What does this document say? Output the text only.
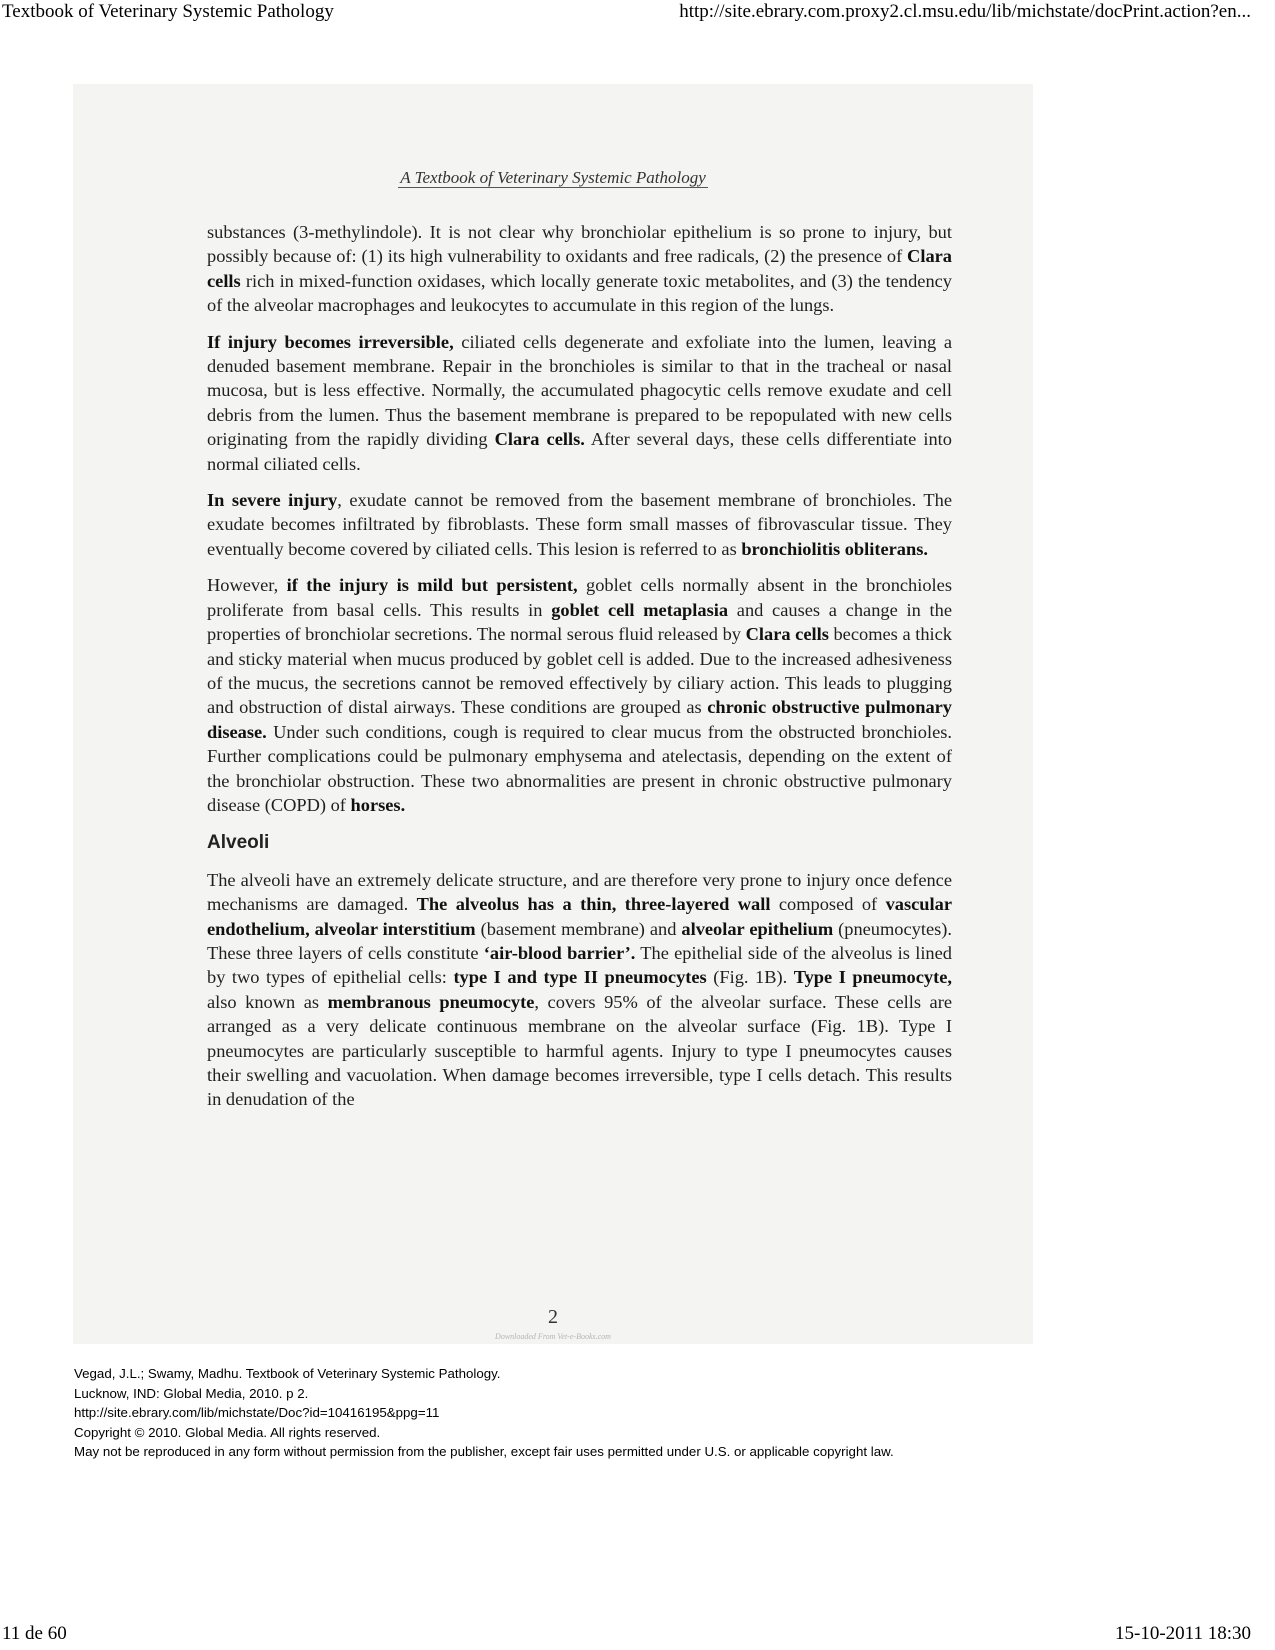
Textbook of Veterinary Systemic Pathology	http://site.ebrary.com.proxy2.cl.msu.edu/lib/michstate/docPrint.action?en...
A Textbook of Veterinary Systemic Pathology

substances (3-methylindole). It is not clear why bronchiolar epithelium is so prone to injury, but possibly because of: (1) its high vulnerability to oxidants and free radicals, (2) the presence of Clara cells rich in mixed-function oxidases, which locally generate toxic metabolites, and (3) the tendency of the alveolar macrophages and leukocytes to accumulate in this region of the lungs.

If injury becomes irreversible, ciliated cells degenerate and exfoliate into the lumen, leaving a denuded basement membrane. Repair in the bronchioles is similar to that in the tracheal or nasal mucosa, but is less effective. Normally, the accumulated phagocytic cells remove exudate and cell debris from the lumen. Thus the basement membrane is prepared to be repopulated with new cells originating from the rapidly dividing Clara cells. After several days, these cells differentiate into normal ciliated cells.

In severe injury, exudate cannot be removed from the basement membrane of bronchioles. The exudate becomes infiltrated by fibroblasts. These form small masses of fibrovascular tissue. They eventually become covered by ciliated cells. This lesion is referred to as bronchiolitis obliterans.

However, if the injury is mild but persistent, goblet cells normally absent in the bronchioles proliferate from basal cells. This results in goblet cell metaplasia and causes a change in the properties of bronchiolar secretions. The normal serous fluid released by Clara cells becomes a thick and sticky material when mucus produced by goblet cell is added. Due to the increased adhesiveness of the mucus, the secretions cannot be removed effectively by ciliary action. This leads to plugging and obstruction of distal airways. These conditions are grouped as chronic obstructive pulmonary disease. Under such conditions, cough is required to clear mucus from the obstructed bronchioles. Further complications could be pulmonary emphysema and atelectasis, depending on the extent of the bronchiolar obstruction. These two abnormalities are present in chronic obstructive pulmonary disease (COPD) of horses.

Alveoli

The alveoli have an extremely delicate structure, and are therefore very prone to injury once defence mechanisms are damaged. The alveolus has a thin, three-layered wall composed of vascular endothelium, alveolar interstitium (basement membrane) and alveolar epithelium (pneumocytes). These three layers of cells constitute ‘air-blood barrier’. The epithelial side of the alveolus is lined by two types of epithelial cells: type I and type II pneumocytes (Fig. 1B). Type I pneumocyte, also known as membranous pneumocyte, covers 95% of the alveolar surface. These cells are arranged as a very delicate continuous membrane on the alveolar surface (Fig. 1B). Type I pneumocytes are particularly susceptible to harmful agents. Injury to type I pneumocytes causes their swelling and vacuolation. When damage becomes irreversible, type I cells detach. This results in denudation of the

2
Downloaded From Vet-e-Books.com
Vegad, J.L.; Swamy, Madhu. Textbook of Veterinary Systemic Pathology.
Lucknow, IND: Global Media, 2010. p 2.
http://site.ebrary.com/lib/michstate/Doc?id=10416195&ppg=11
Copyright © 2010. Global Media. All rights reserved.
May not be reproduced in any form without permission from the publisher, except fair uses permitted under U.S. or applicable copyright law.
11 de 60	15-10-2011 18:30
